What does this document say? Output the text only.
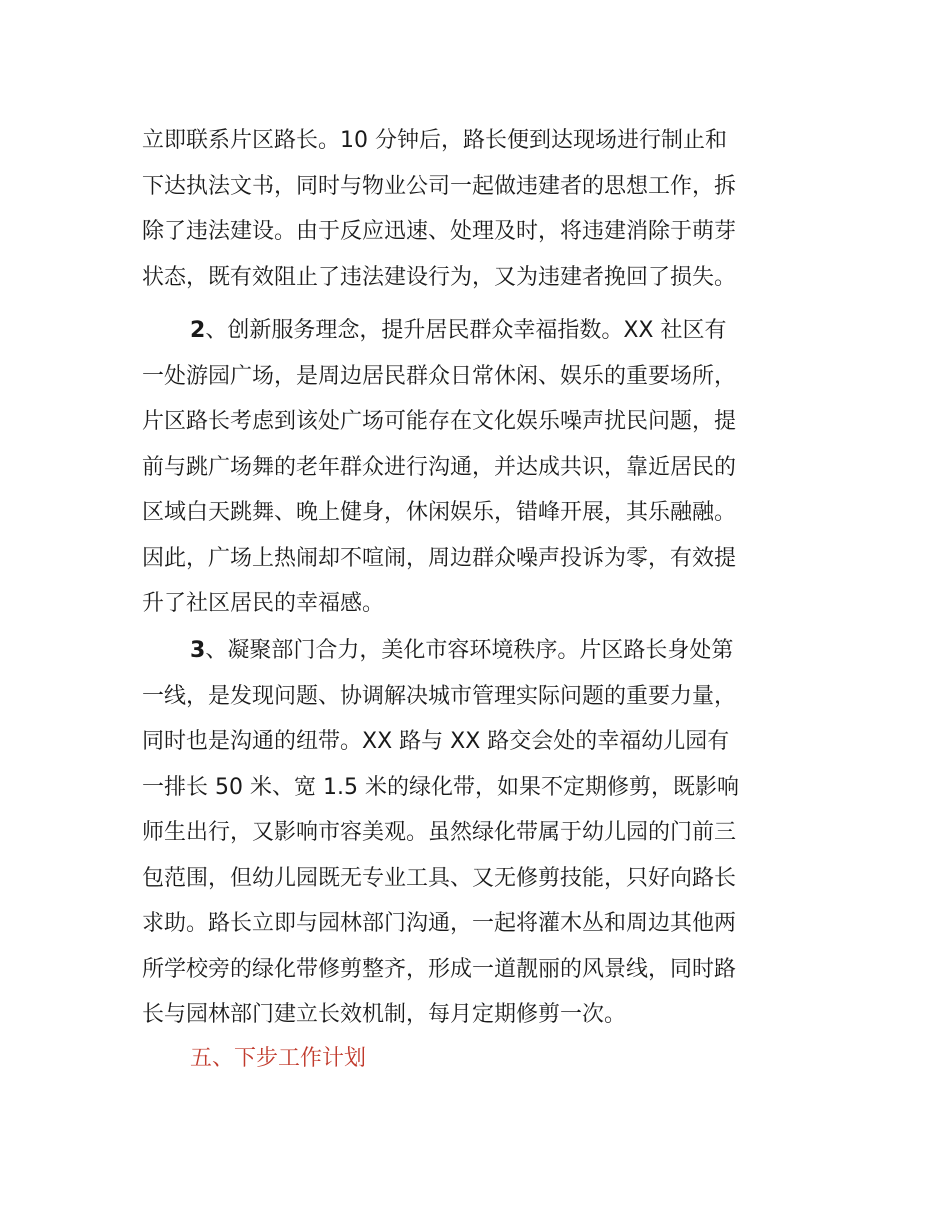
立即联系片区路长。10 分钟后，路长便到达现场进行制止和
下达执法文书，同时与物业公司一起做违建者的思想工作，拆
除了违法建设。由于反应迅速、处理及时，将违建消除于萌芽
状态，既有效阻止了违法建设行为，又为违建者挽回了损失。
2、创新服务理念，提升居民群众幸福指数。XX 社区有
一处游园广场，是周边居民群众日常休闲、娱乐的重要场所，
片区路长考虑到该处广场可能存在文化娱乐噪声扰民问题，提
前与跳广场舞的老年群众进行沟通，并达成共识，靠近居民的
区域白天跳舞、晚上健身，休闲娱乐，错峰开展，其乐融融。
因此，广场上热闹却不喧闹，周边群众噪声投诉为零，有效提
升了社区居民的幸福感。
3、凝聚部门合力，美化市容环境秩序。片区路长身处第
一线，是发现问题、协调解决城市管理实际问题的重要力量，
同时也是沟通的纽带。XX 路与 XX 路交会处的幸福幼儿园有
一排长 50 米、宽 1.5 米的绿化带，如果不定期修剪，既影响
师生出行，又影响市容美观。虽然绿化带属于幼儿园的门前三
包范围，但幼儿园既无专业工具、又无修剪技能，只好向路长
求助。路长立即与园林部门沟通，一起将灌木丛和周边其他两
所学校旁的绿化带修剪整齐，形成一道靓丽的风景线，同时路
长与园林部门建立长效机制，每月定期修剪一次。
五、下步工作计划
